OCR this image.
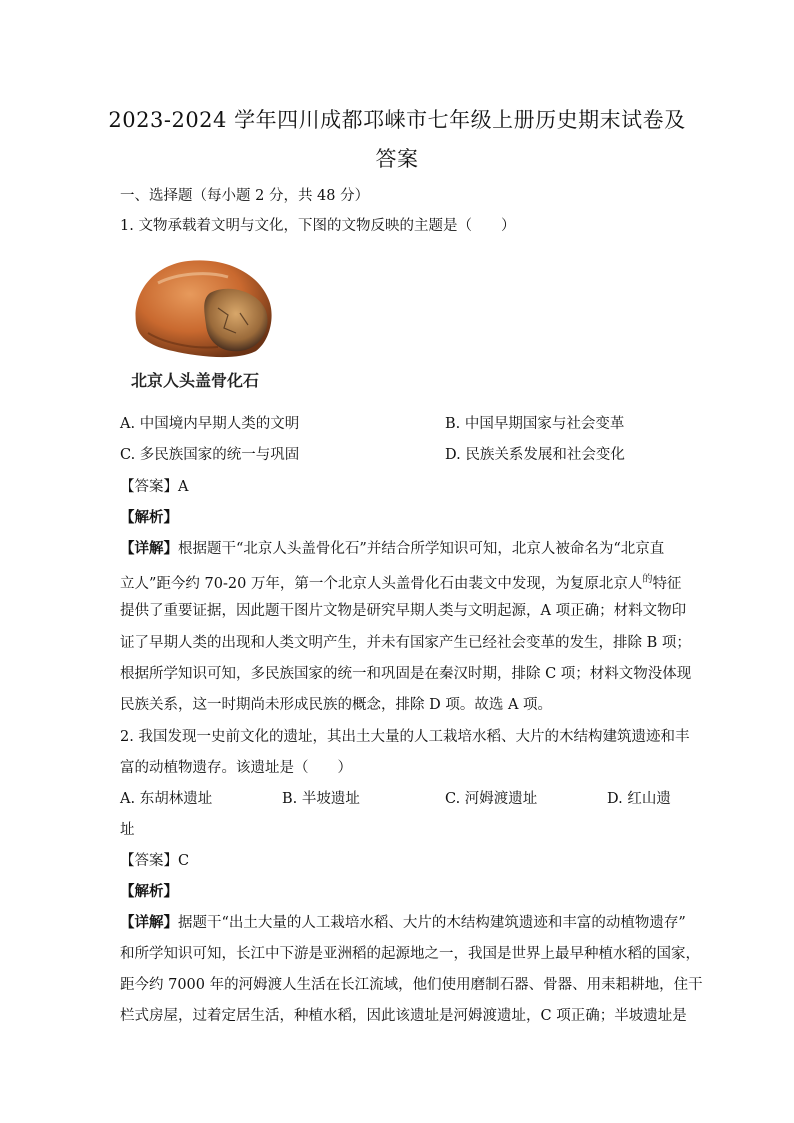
2023-2024 学年四川成都邛崃市七年级上册历史期末试卷及
答案
一、选择题（每小题 2 分，共 48 分）
1. 文物承载着文明与文化，下图的文物反映的主题是（　　）
北京人头盖骨化石
A. 中国境内早期人类的文明	B. 中国早期国家与社会变革
C. 多民族国家的统一与巩固	D. 民族关系发展和社会变化
【答案】A
【解析】
【详解】根据题干“北京人头盖骨化石”并结合所学知识可知，北京人被命名为“北京直
立人”距今约 70-20 万年，第一个北京人头盖骨化石由裴文中发现，为复原北京人$^的$特征
提供了重要证据，因此题干图片文物是研究早期人类与文明起源，A 项正确；材料文物印
证了早期人类的出现和人类文明产生，并未有国家产生已经社会变革的发生，排除 B 项；
根据所学知识可知，多民族国家的统一和巩固是在秦汉时期，排除 C 项；材料文物没体现
民族关系，这一时期尚未形成民族的概念，排除 D 项。故选 A 项。
2. 我国发现一史前文化的遗址，其出土大量的人工栽培水稻、大片的木结构建筑遗迹和丰
富的动植物遗存。该遗址是（　　）
A. 东胡林遗址	B. 半坡遗址	C. 河姆渡遗址	D. 红山遗
址
【答案】C
【解析】
【详解】据题干“出土大量的人工栽培水稻、大片的木结构建筑遗迹和丰富的动植物遗存”
和所学知识可知，长江中下游是亚洲稻的起源地之一，我国是世界上最早种植水稻的国家，
距今约 7000 年的河姆渡人生活在长江流域，他们使用磨制石器、骨器、用耒耜耕地，住干
栏式房屋，过着定居生活，种植水稻，因此该遗址是河姆渡遗址，C 项正确；半坡遗址是
